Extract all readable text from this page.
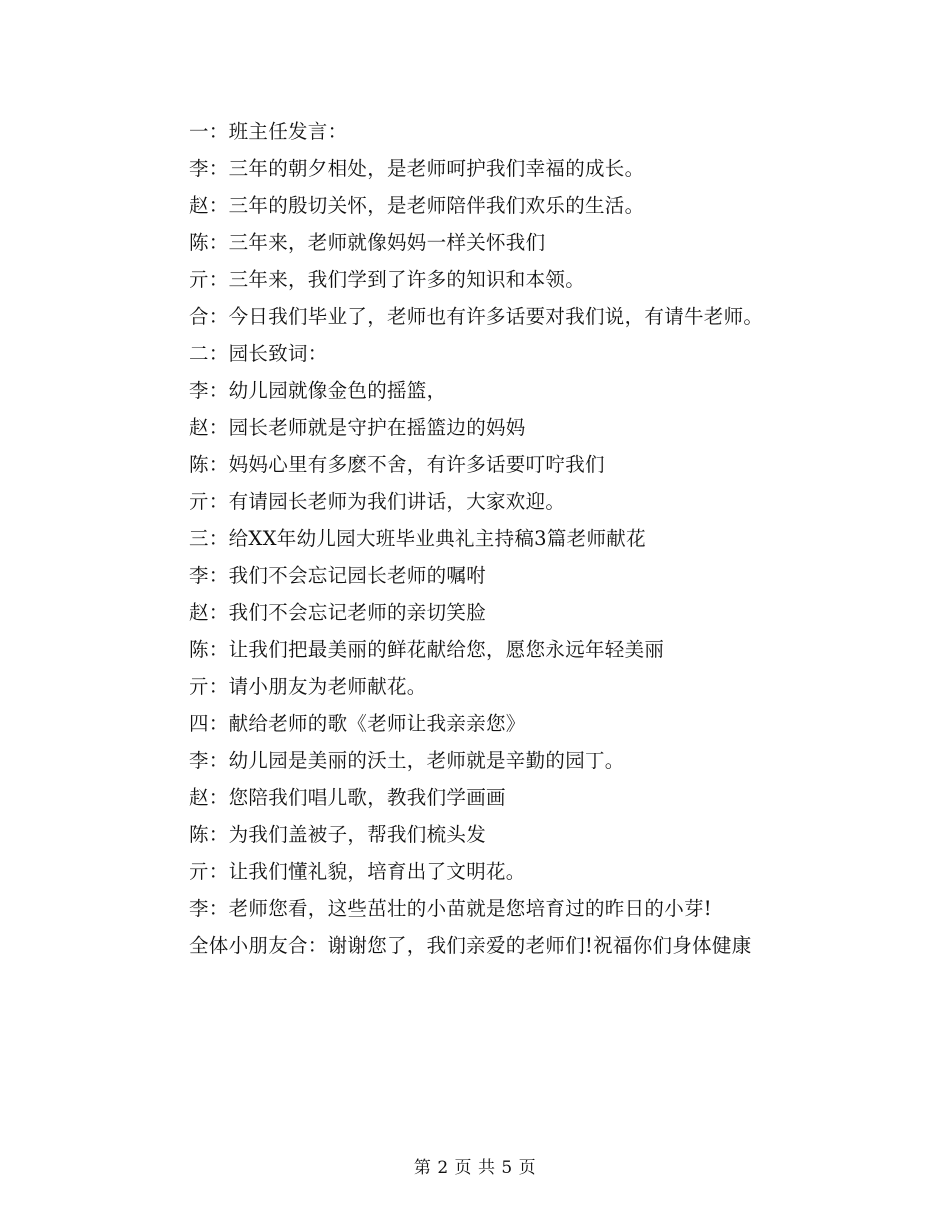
一：班主任发言：
李：三年的朝夕相处，是老师呵护我们幸福的成长。
赵：三年的殷切关怀，是老师陪伴我们欢乐的生活。
陈：三年来，老师就像妈妈一样关怀我们
亓：三年来，我们学到了许多的知识和本领。
合：今日我们毕业了，老师也有许多话要对我们说，有请牛老师。
二：园长致词：
李：幼儿园就像金色的摇篮，
赵：园长老师就是守护在摇篮边的妈妈
陈：妈妈心里有多麽不舍，有许多话要叮咛我们
亓：有请园长老师为我们讲话，大家欢迎。
三：给XX年幼儿园大班毕业典礼主持稿3篇老师献花
李：我们不会忘记园长老师的嘱咐
赵：我们不会忘记老师的亲切笑脸
陈：让我们把最美丽的鲜花献给您，愿您永远年轻美丽
亓：请小朋友为老师献花。
四：献给老师的歌《老师让我亲亲您》
李：幼儿园是美丽的沃土，老师就是辛勤的园丁。
赵：您陪我们唱儿歌，教我们学画画
陈：为我们盖被子，帮我们梳头发
亓：让我们懂礼貌，培育出了文明花。
李：老师您看，这些茁壮的小苗就是您培育过的昨日的小芽!
全体小朋友合：谢谢您了，我们亲爱的老师们!祝福你们身体健康
第 2 页 共 5 页
